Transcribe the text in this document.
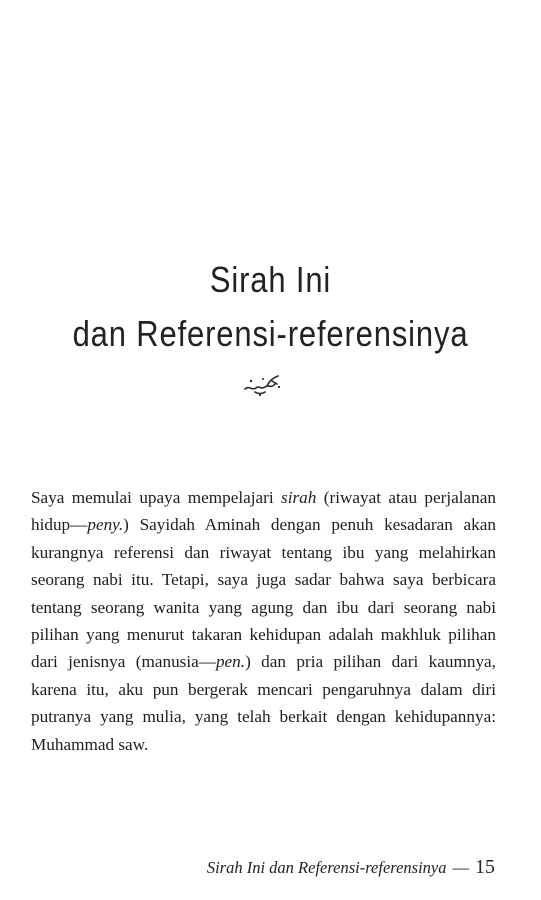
Sirah Ini
dan Referensi-referensinya

Saya memulai upaya mempelajari sirah (riwayat atau perjalanan hidup—peny.) Sayidah Aminah dengan penuh kesadaran akan kurangnya referensi dan riwayat tentang ibu yang melahirkan seorang nabi itu. Tetapi, saya juga sadar bahwa saya berbicara tentang seorang wanita yang agung dan ibu dari seorang nabi pilihan yang menurut takaran kehidupan adalah makhluk pilihan dari jenisnya (manusia—pen.) dan pria pilihan dari kaumnya, karena itu, aku pun bergerak mencari pengaruhnya dalam diri putranya yang mulia, yang telah berkait dengan kehidupannya: Muhammad saw.

Sirah Ini dan Referensi-referensinya — 15
